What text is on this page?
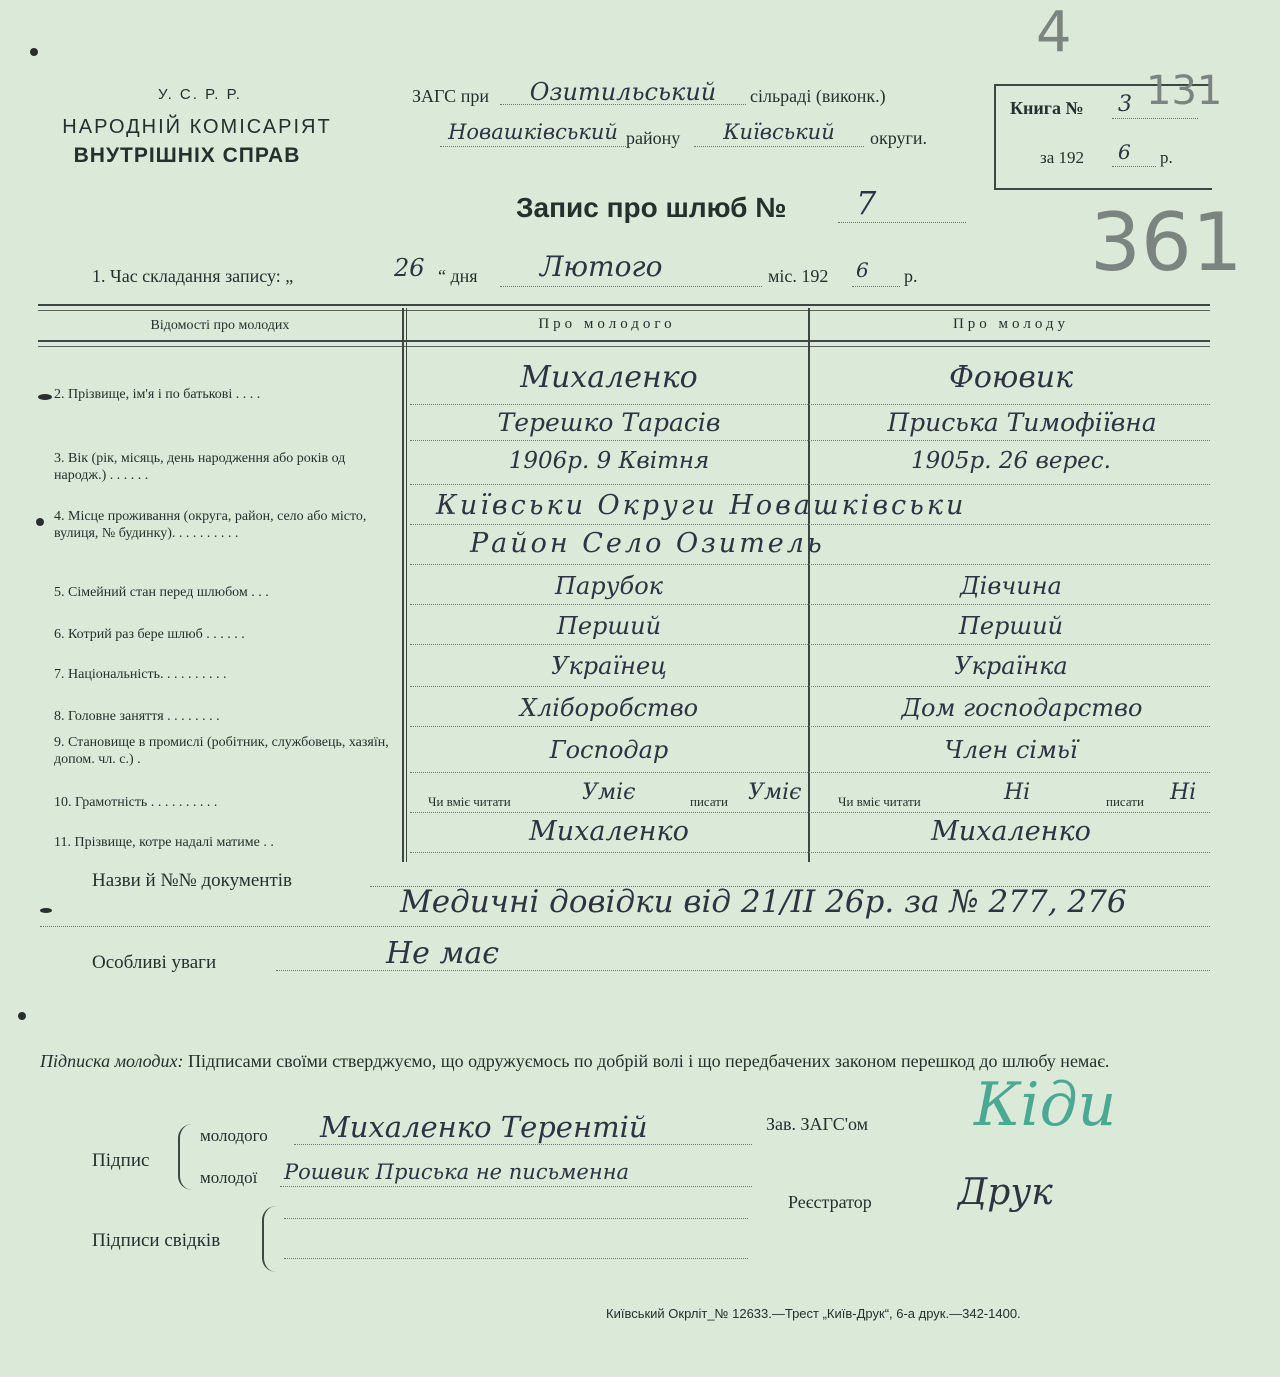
У. С. Р. Р.
НАРОДНІЙ КОМІСАРІЯТ
ВНУТРІШНІХ СПРАВ
ЗАГС при	Озитильський	сільраді (виконк.)
Новашківський району	Київський	округи.
Книга № 3
за 192 6 р.
4
131
361
Запис про шлюб № 7
1. Час складання запису: „	26 “ дня Лютого	міс. 192 6 р.
Відомості про молодих	Про молодого	Про молоду
2. Прізвище, ім'я і по батькові . . . .	Михаленко	Фоювик
Терешко Тарасів	Приська Тимофіївна
3. Вік (рік, місяць, день народження або років од народж.) . . . . . .
1906р. 9 Квітня	1905р. 26 верес.
4. Місце проживання (округа, район, село або місто, вулиця, № будинку). . . . . . . . . .
Київськи Округи Новашківськи
Район Село Озитель
5. Сімейний стан перед шлюбом . . .	Парубок	Дівчина
6. Котрий раз бере шлюб . . . . . .	Перший	Перший
7. Національність. . . . . . . . . .	Українец	Українка
8. Головне заняття . . . . . . . .	Хліборобство	Дом господарство
9. Становище в промислі (робітник, службовець, хазяїн, допом. чл. с.) .	Господар	Член сімьї
10. Грамотність . . . . . . . . . .	Чи вміє читати	Уміє	писати Уміє	Чи вміє читати	Ні	писати Ні
11. Прізвище, котре надалі матиме . .	Михаленко	Михаленко
Назви й №№ документів
Медичні довідки від 21/II 26р. за № 277, 276
Особливі уваги	Не має
Підписка молодих: Підписами своїми стверджуємо, що одружуємось по добрій волі і що передбачених законом перешкод до шлюбу немає.
Підпис
молодого Михаленко Терентій
молодої Рошвик Приська не письменна
Зав. ЗАГС'ом Кіди
Реєстратор Друк
Підписи свідків
Київський Окрліт_№ 12633.—Трест „Київ-Друк“, 6-а друк.—342-1400.
